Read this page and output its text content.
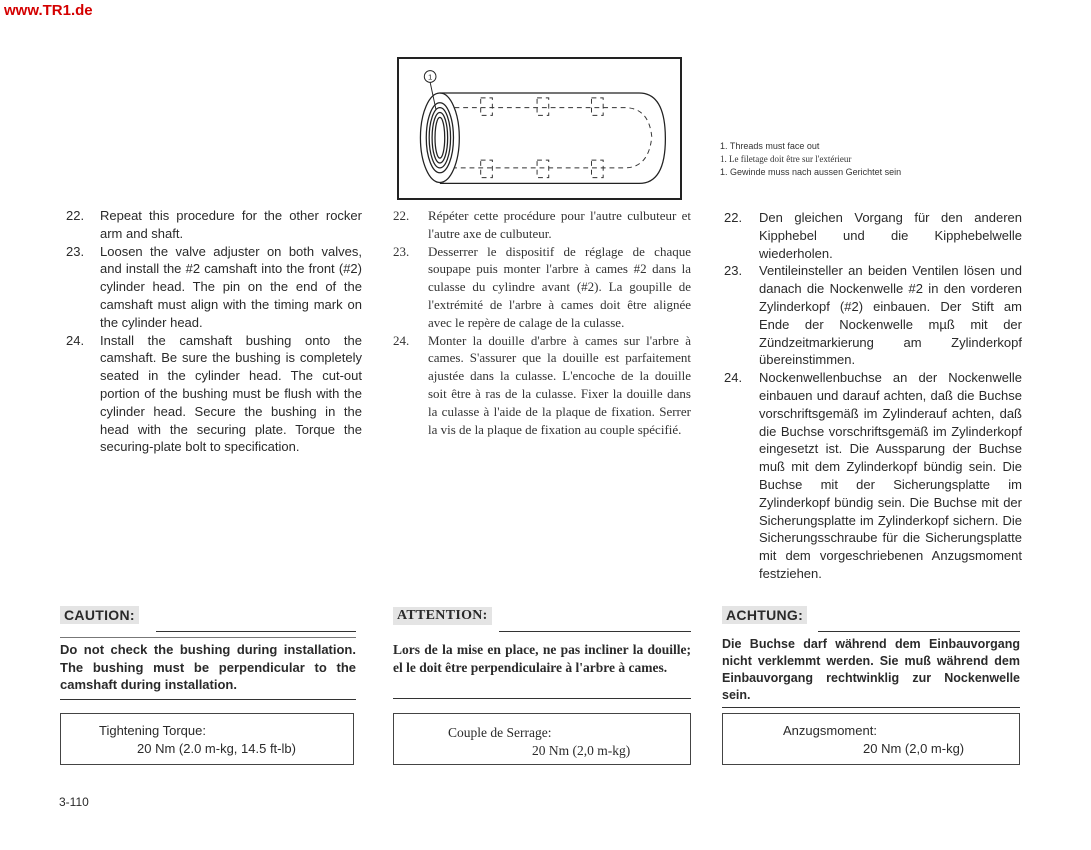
www.TR1.de
1
1. Threads must face out
1. Le filetage doit être sur l'extérieur
1. Gewinde muss nach aussen Gerichtet sein
22.	Repeat this procedure for the other rocker arm and shaft.
23.	Loosen the valve adjuster on both valves, and install the #2 camshaft into the front (#2) cylinder head. The pin on the end of the camshaft must align with the timing mark on the cylinder head.
24.	Install the camshaft bushing onto the camshaft. Be sure the bushing is completely seated in the cylinder head. The cut-out portion of the bushing must be flush with the cylinder head. Secure the bushing in the head with the securing plate. Torque the securing-plate bolt to specification.
22.	Répéter cette procédure pour l'autre culbuteur et l'autre axe de culbuteur.
23.	Desserrer le dispositif de réglage de chaque soupape puis monter l'arbre à cames #2 dans la culasse du cylindre avant (#2). La goupille de l'extrémité de l'arbre à cames doit être alignée avec le repère de calage de la culasse.
24.	Monter la douille d'arbre à cames sur l'arbre à cames. S'assurer que la douille est parfaitement ajustée dans la culasse. L'encoche de la douille soit être à ras de la culasse. Fixer la douille dans la culasse à l'aide de la plaque de fixation. Serrer la vis de la plaque de fixation au couple spécifié.
22.	Den gleichen Vorgang für den anderen Kipphebel und die Kipphebelwelle wiederholen.
23.	Ventileinsteller an beiden Ventilen lösen und danach die Nockenwelle #2 in den vorderen Zylinderkopf (#2) einbauen. Der Stift am Ende der Nockenwelle mµß mit der Zündzeitmarkierung am Zylinderkopf übereinstimmen.
24.	Nockenwellenbuchse an der Nockenwelle einbauen und darauf achten, daß die Buchse vorschriftsgemäß im Zylinderauf achten, daß die Buchse vorschriftsgemäß im Zylinderkopf eingesetzt ist. Die Aussparung der Buchse muß mit dem Zylinderkopf bündig sein. Die Buchse mit der Sicherungsplatte im Zylinderkopf bündig sein. Die Buchse mit der Sicherungsplatte im Zylinderkopf sichern. Die Sicherungsschraube für die Sicherungsplatte mit dem vorgeschriebenen Anzugsmoment festziehen.
CAUTION:
Do not check the bushing during installation. The bushing must be perpendicular to the camshaft during installation.
ATTENTION:
Lors de la mise en place, ne pas incliner la douille; el le doit être perpendiculaire à l'arbre à cames.
ACHTUNG:
Die Buchse darf während dem Einbauvorgang nicht verklemmt werden. Sie muß während dem Einbauvorgang rechtwinklig zur Nockenwelle sein.
Tightening Torque:
20 Nm (2.0 m-kg, 14.5 ft-lb)
Couple de Serrage:
20 Nm (2,0 m-kg)
Anzugsmoment:
20 Nm (2,0 m-kg)
3-110
